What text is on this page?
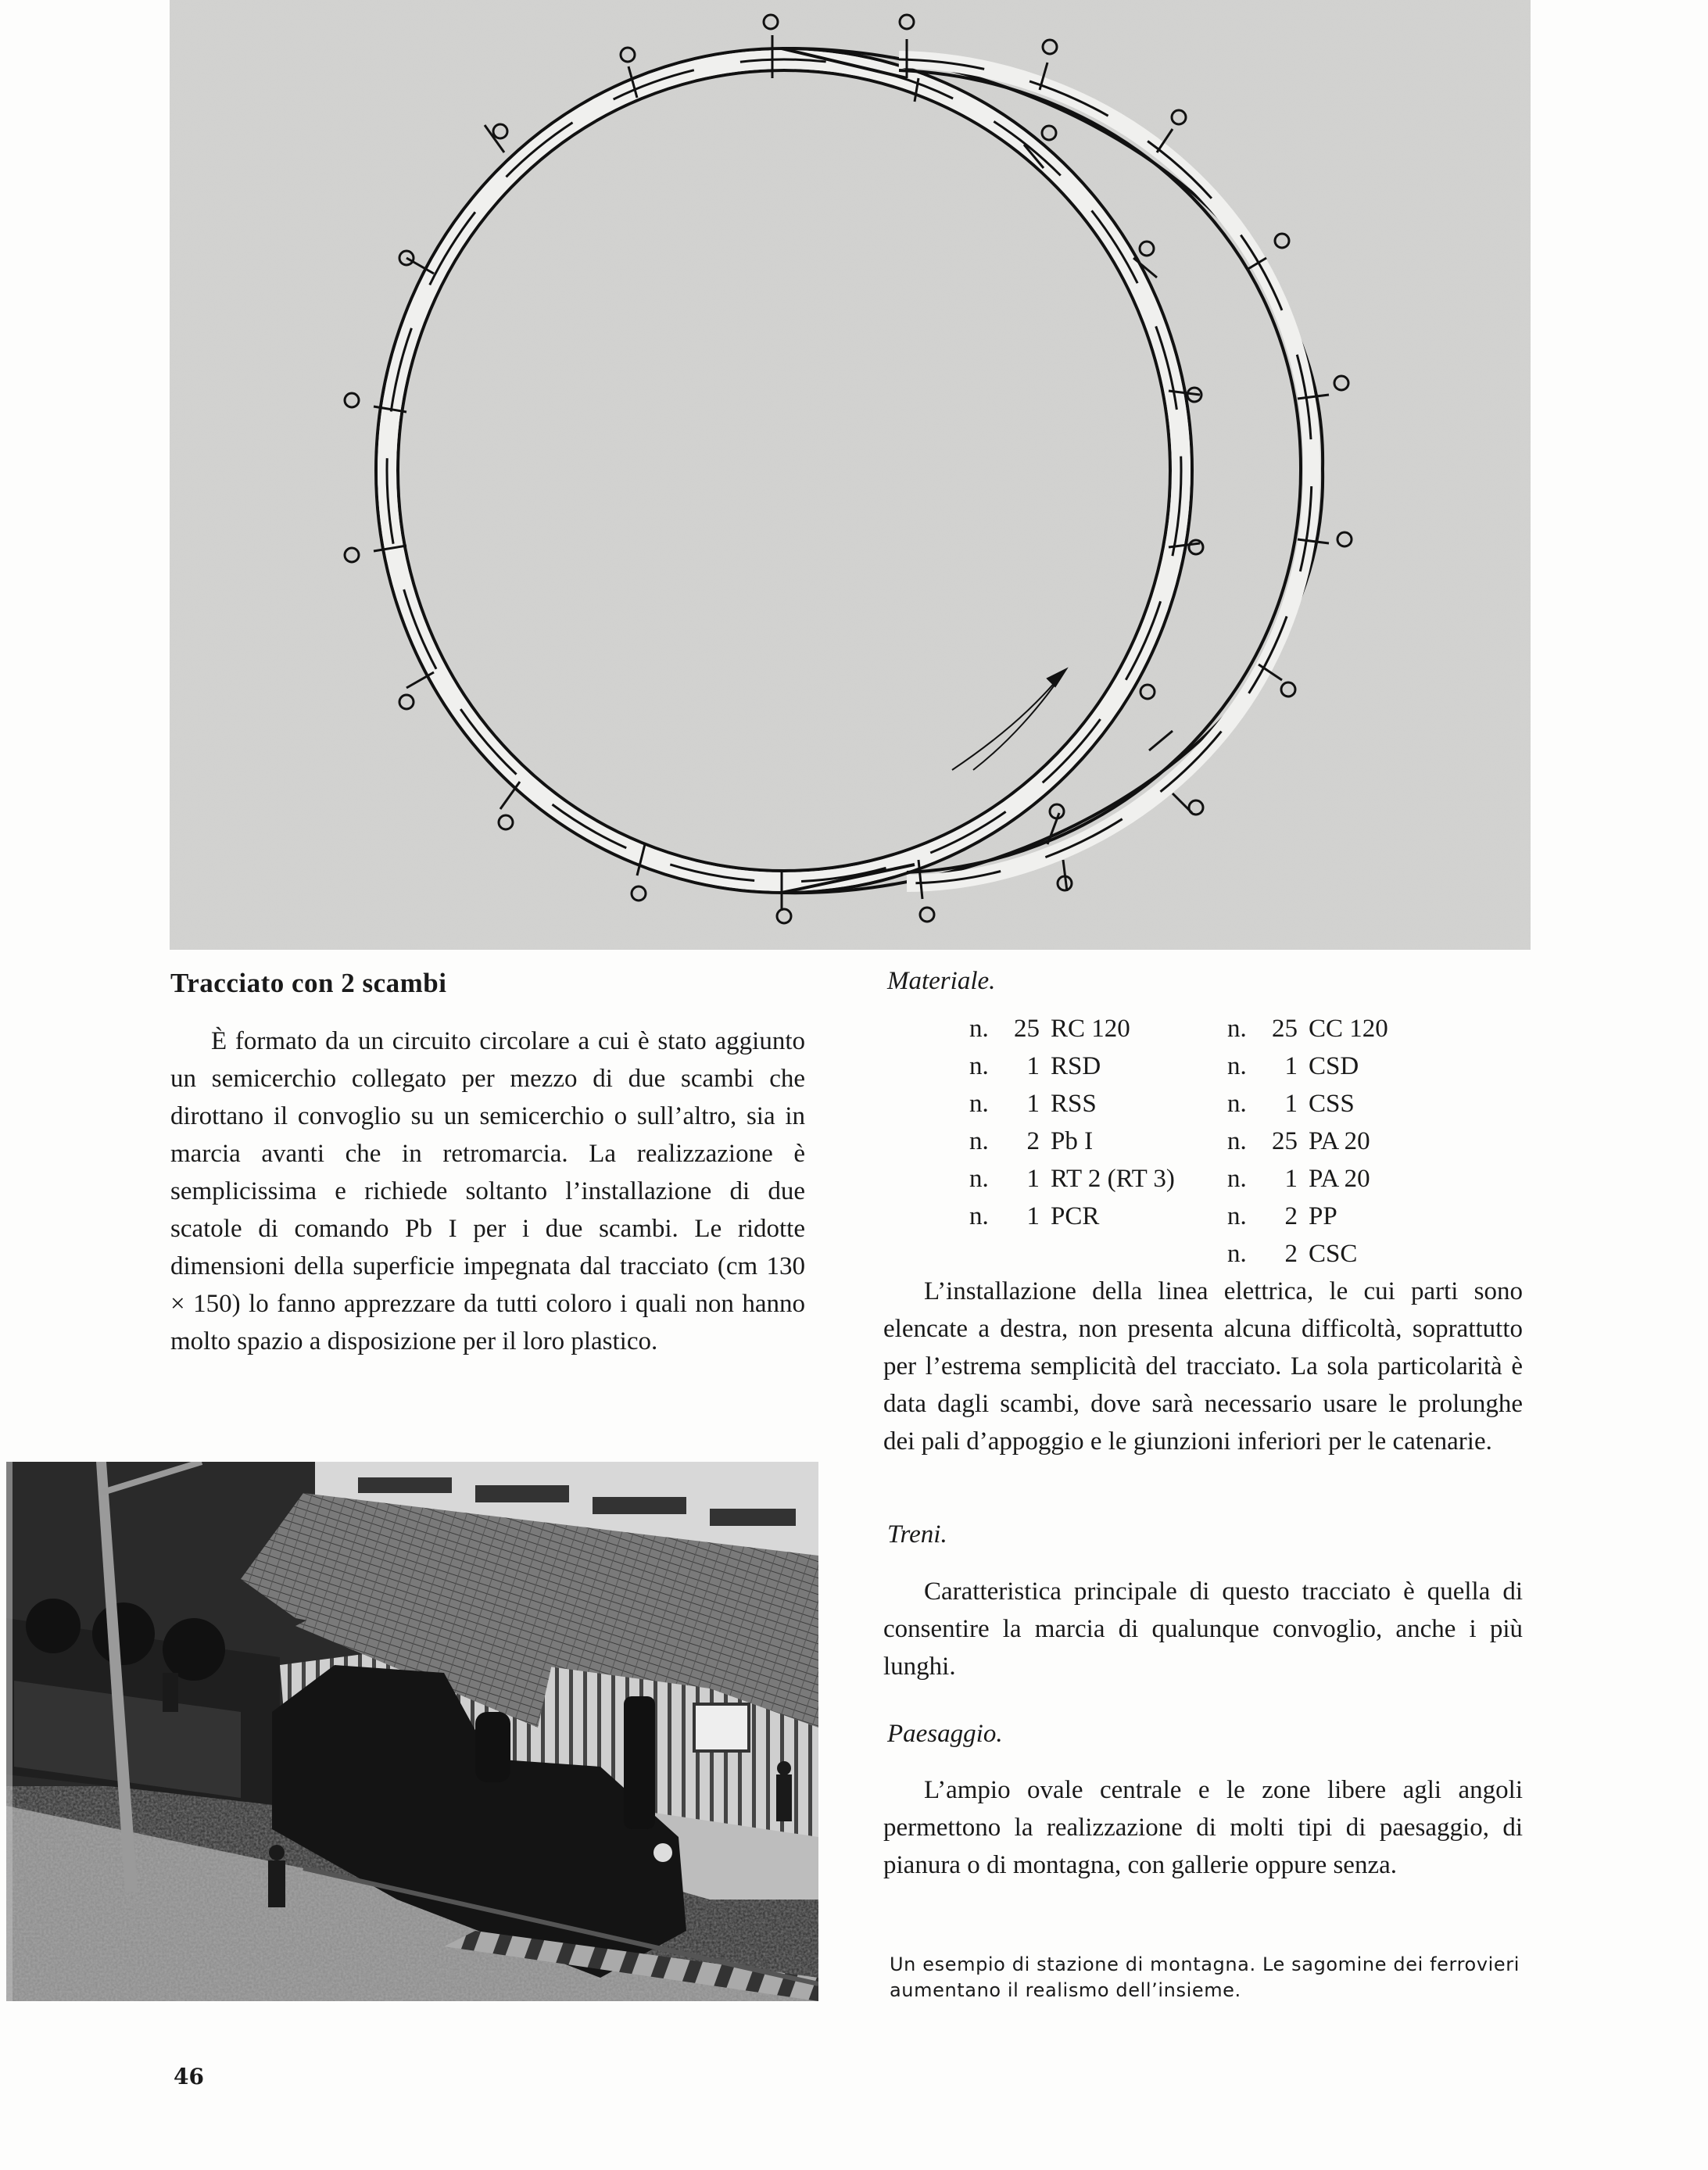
Tracciato con 2 scambi

È formato da un circuito circolare a cui è stato aggiunto un semicerchio collegato per mezzo di due scambi che dirottano il convoglio su un semicerchio o sull’altro, sia in marcia avanti che in retromarcia. La realizzazione è semplicissima e richiede soltanto l’installazione di due scatole di comando Pb I per i due scambi. Le ridotte dimensioni della superficie impegnata dal tracciato (cm 130 × 150) lo fanno apprezzare da tutti coloro i quali non hanno molto spazio a disposizione per il loro plastico.

Materiale.
n. 25 RC 120	n. 25 CC 120
n.	1 RSD	n.	1 CSD
n.	1 RSS	n.	1 CSS
n.	2 Pb I	n. 25 PA 20
n.	1 RT 2 (RT 3) n.	1 PA 20
n.	1 PCR	n.	2 PP
n.	2 CSC

L’installazione della linea elettrica, le cui parti sono elencate a destra, non presenta alcuna difficoltà, soprattutto per l’estrema semplicità del tracciato. La sola particolarità è data dagli scambi, dove sarà necessario usare le prolunghe dei pali d’appoggio e le giunzioni inferiori per le catenarie.

Treni.

Caratteristica principale di questo tracciato è quella di consentire la marcia di qualunque convoglio, anche i più lunghi.

Paesaggio.

L’ampio ovale centrale e le zone libere agli angoli permettono la realizzazione di molti tipi di paesaggio, di pianura o di montagna, con gallerie oppure senza.

Un esempio di stazione di montagna. Le sagomine dei ferrovieri aumentano il realismo dell’insieme.
46
